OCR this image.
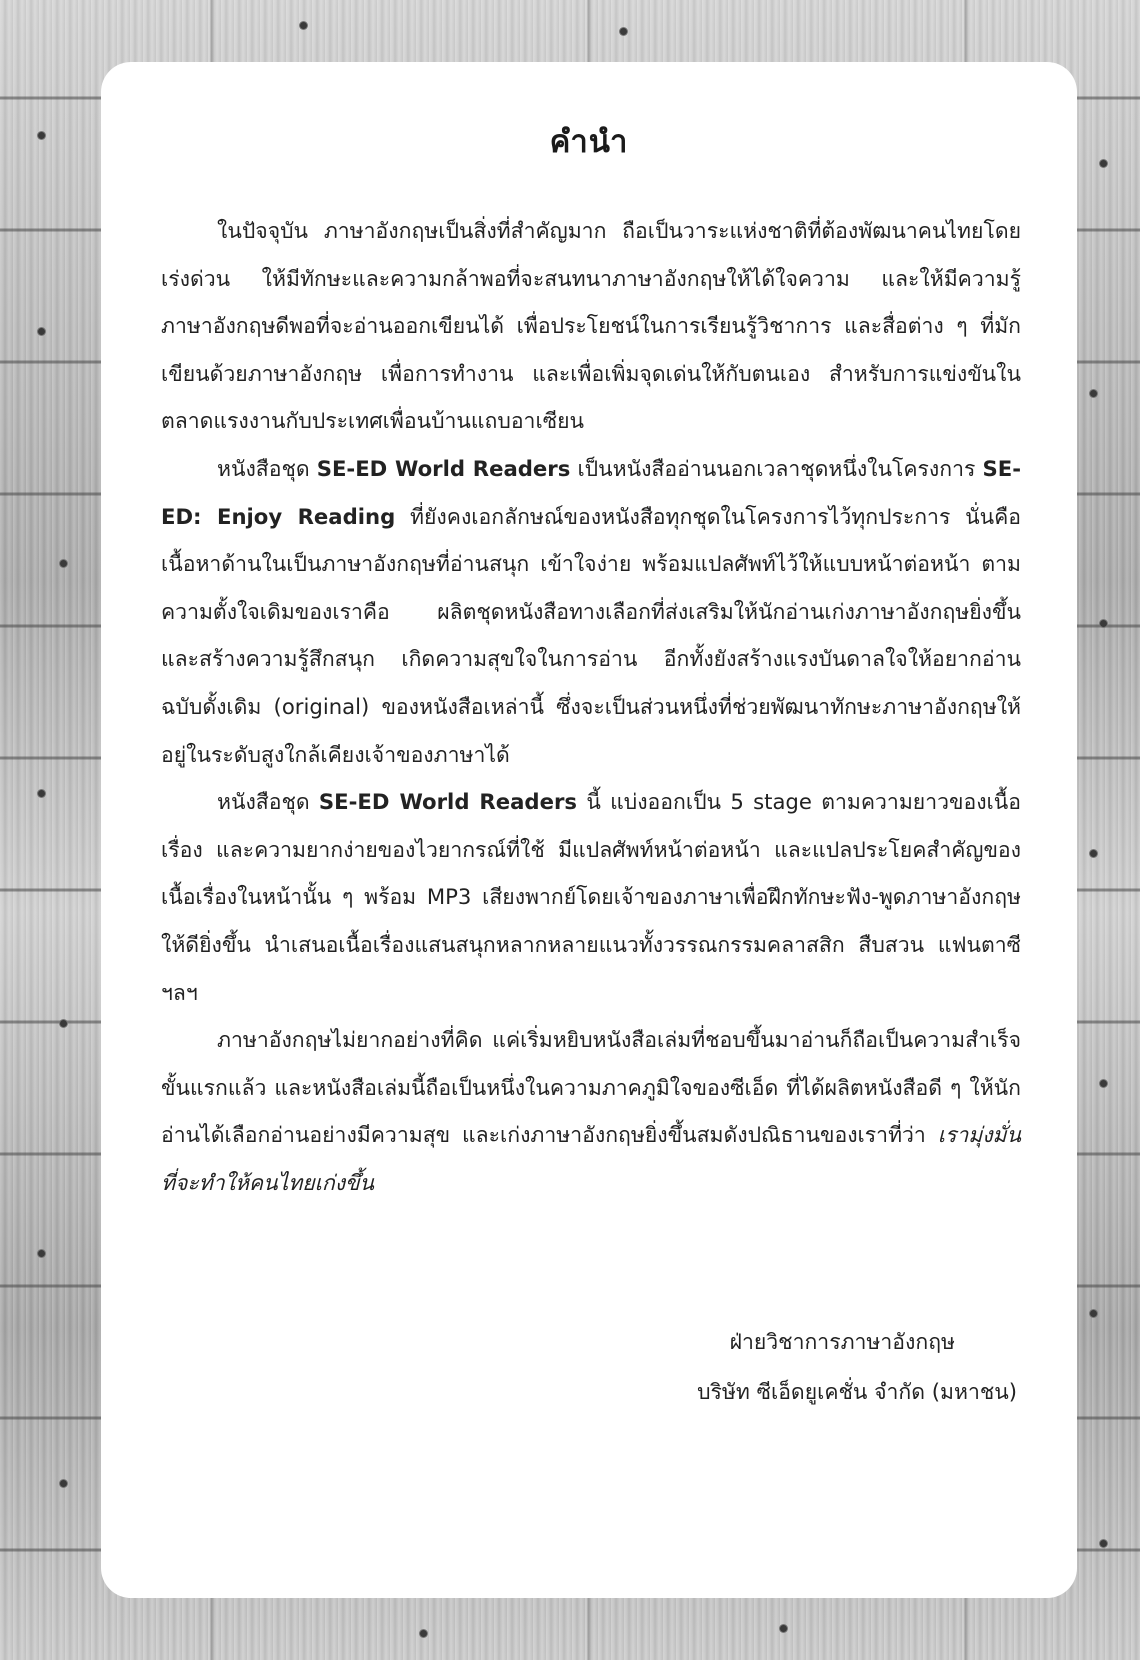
คำนำ

ในปัจจุบัน ภาษาอังกฤษเป็นสิ่งที่สำคัญมาก ถือเป็นวาระแห่งชาติที่ต้องพัฒนาคนไทยโดยเร่งด่วน ให้มีทักษะและความกล้าพอที่จะสนทนาภาษาอังกฤษให้ได้ใจความ และให้มีความรู้ภาษาอังกฤษดีพอที่จะอ่านออกเขียนได้ เพื่อประโยชน์ในการเรียนรู้วิชาการ และสื่อต่าง ๆ ที่มักเขียนด้วยภาษาอังกฤษ เพื่อการทำงาน และเพื่อเพิ่มจุดเด่นให้กับตนเอง สำหรับการแข่งขันในตลาดแรงงานกับประเทศเพื่อนบ้านแถบอาเซียน

หนังสือชุด SE-ED World Readers เป็นหนังสืออ่านนอกเวลาชุดหนึ่งในโครงการ SE-ED: Enjoy Reading ที่ยังคงเอกลักษณ์ของหนังสือทุกชุดในโครงการไว้ทุกประการ นั่นคือ เนื้อหาด้านในเป็นภาษาอังกฤษที่อ่านสนุก เข้าใจง่าย พร้อมแปลศัพท์ไว้ให้แบบหน้าต่อหน้า ตามความตั้งใจเดิมของเราคือ ผลิตชุดหนังสือทางเลือกที่ส่งเสริมให้นักอ่านเก่งภาษาอังกฤษยิ่งขึ้น และสร้างความรู้สึกสนุก เกิดความสุขใจในการอ่าน อีกทั้งยังสร้างแรงบันดาลใจให้อยากอ่านฉบับดั้งเดิม (original) ของหนังสือเหล่านี้ ซึ่งจะเป็นส่วนหนึ่งที่ช่วยพัฒนาทักษะภาษาอังกฤษให้อยู่ในระดับสูงใกล้เคียงเจ้าของภาษาได้

หนังสือชุด SE-ED World Readers นี้ แบ่งออกเป็น 5 stage ตามความยาวของเนื้อเรื่อง และความยากง่ายของไวยากรณ์ที่ใช้ มีแปลศัพท์หน้าต่อหน้า และแปลประโยคสำคัญของเนื้อเรื่องในหน้านั้น ๆ พร้อม MP3 เสียงพากย์โดยเจ้าของภาษาเพื่อฝึกทักษะฟัง-พูดภาษาอังกฤษให้ดียิ่งขึ้น นำเสนอเนื้อเรื่องแสนสนุกหลากหลายแนวทั้งวรรณกรรมคลาสสิก สืบสวน แฟนตาซี ฯลฯ

ภาษาอังกฤษไม่ยากอย่างที่คิด แค่เริ่มหยิบหนังสือเล่มที่ชอบขึ้นมาอ่านก็ถือเป็นความสำเร็จขั้นแรกแล้ว และหนังสือเล่มนี้ถือเป็นหนึ่งในความภาคภูมิใจของซีเอ็ด ที่ได้ผลิตหนังสือดี ๆ ให้นักอ่านได้เลือกอ่านอย่างมีความสุข และเก่งภาษาอังกฤษยิ่งขึ้นสมดังปณิธานของเราที่ว่า เรามุ่งมั่นที่จะทำให้คนไทยเก่งขึ้น

ฝ่ายวิชาการภาษาอังกฤษ
บริษัท ซีเอ็ดยูเคชั่น จำกัด (มหาชน)
